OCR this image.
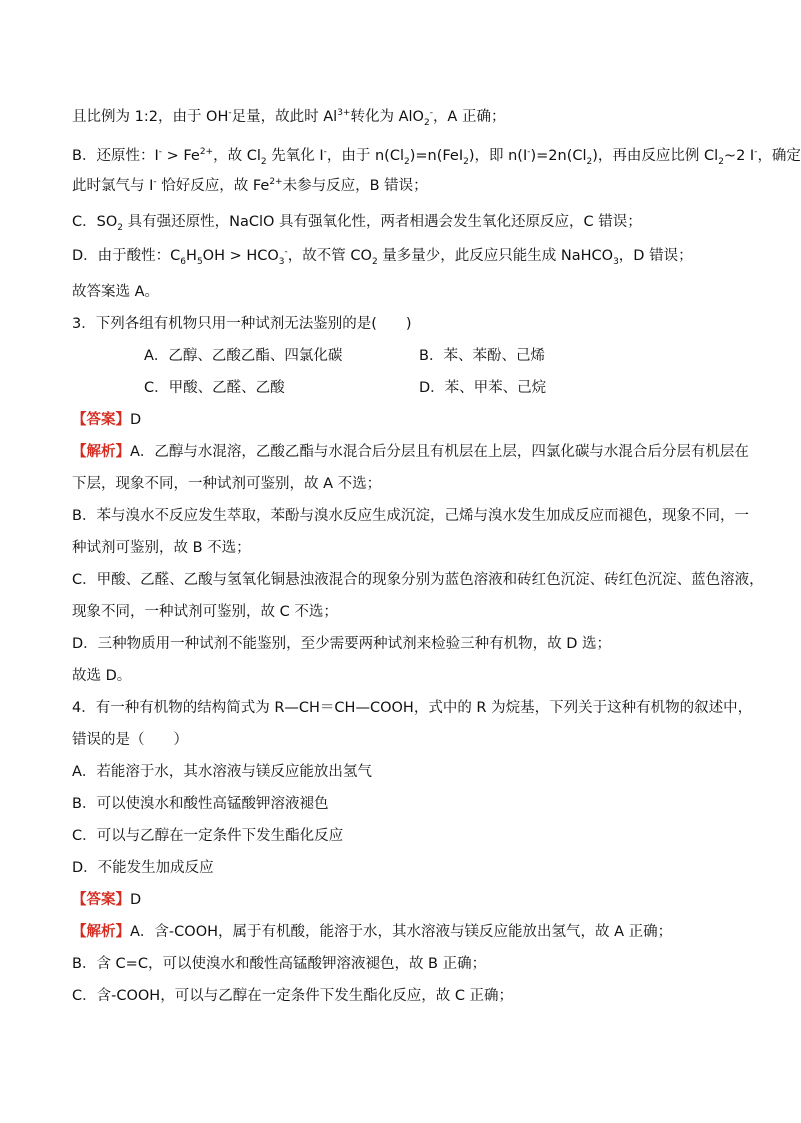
且比例为 1:2，由于 OH-足量，故此时 $Al^{3+}$转化为 AlO$_2$-，A 正确；
B．还原性：$I^- > Fe^{2+}$，故 $Cl_2$ 先氧化 I-，由于 $n(Cl_2)=n(FeI_2)$，即 $n(I^-)=2n(Cl_2)$，再由反应比例 $Cl_2\sim 2$ I-，确定
此时氯气与 I- 恰好反应，故 $Fe^{2+}$未参与反应，B 错误；
C．$SO_2$ 具有强还原性，NaClO 具有强氧化性，两者相遇会发生氧化还原反应，C 错误；
D．由于酸性：$C_6H_5OH > HCO_3^-$，故不管 $CO_2$ 量多量少，此反应只能生成 NaHCO$_3$，D 错误；
故答案选 A。
3．下列各组有机物只用一种试剂无法鉴别的是(　　)
A．乙醇、乙酸乙酯、四氯化碳	B．苯、苯酚、己烯
C．甲酸、乙醛、乙酸	D．苯、甲苯、己烷
【答案】D
【解析】A．乙醇与水混溶，乙酸乙酯与水混合后分层且有机层在上层，四氯化碳与水混合后分层有机层在
下层，现象不同，一种试剂可鉴别，故 A 不选；
B．苯与溴水不反应发生萃取，苯酚与溴水反应生成沉淀，己烯与溴水发生加成反应而褪色，现象不同，一
种试剂可鉴别，故 B 不选；
C．甲酸、乙醛、乙酸与氢氧化铜悬浊液混合的现象分别为蓝色溶液和砖红色沉淀、砖红色沉淀、蓝色溶液，
现象不同，一种试剂可鉴别，故 C 不选；
D．三种物质用一种试剂不能鉴别，至少需要两种试剂来检验三种有机物，故 D 选；
故选 D。
4．有一种有机物的结构简式为 R—CH＝CH—COOH，式中的 R 为烷基，下列关于这种有机物的叙述中，
错误的是（　　）
A．若能溶于水，其水溶液与镁反应能放出氢气
B．可以使溴水和酸性高锰酸钾溶液褪色
C．可以与乙醇在一定条件下发生酯化反应
D．不能发生加成反应
【答案】D
【解析】A．含-COOH，属于有机酸，能溶于水，其水溶液与镁反应能放出氢气，故 A 正确；
B．含 C=C，可以使溴水和酸性高锰酸钾溶液褪色，故 B 正确；
C．含-COOH，可以与乙醇在一定条件下发生酯化反应，故 C 正确；
